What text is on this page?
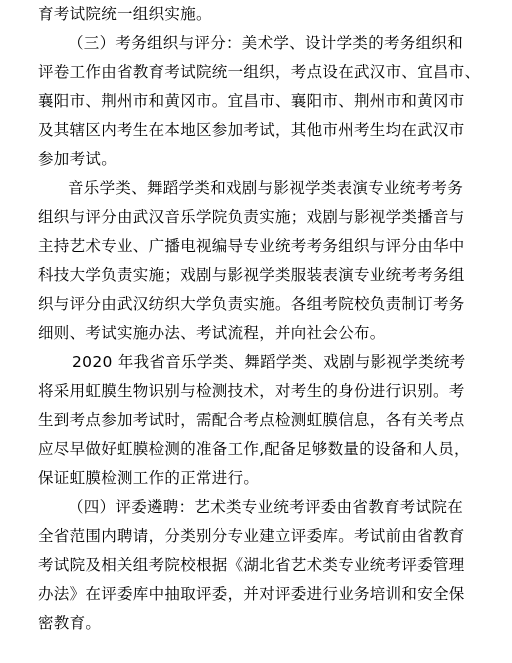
育考试院统一组织实施。
（三）考务组织与评分：美术学、设计学类的考务组织和
评卷工作由省教育考试院统一组织，考点设在武汉市、宜昌市、
襄阳市、荆州市和黄冈市。宜昌市、襄阳市、荆州市和黄冈市
及其辖区内考生在本地区参加考试，其他市州考生均在武汉市
参加考试。
音乐学类、舞蹈学类和戏剧与影视学类表演专业统考考务
组织与评分由武汉音乐学院负责实施；戏剧与影视学类播音与
主持艺术专业、广播电视编导专业统考考务组织与评分由华中
科技大学负责实施；戏剧与影视学类服装表演专业统考考务组
织与评分由武汉纺织大学负责实施。各组考院校负责制订考务
细则、考试实施办法、考试流程，并向社会公布。
2020 年我省音乐学类、舞蹈学类、戏剧与影视学类统考
将采用虹膜生物识别与检测技术，对考生的身份进行识别。考
生到考点参加考试时，需配合考点检测虹膜信息，各有关考点
应尽早做好虹膜检测的准备工作,配备足够数量的设备和人员，
保证虹膜检测工作的正常进行。
（四）评委遴聘：艺术类专业统考评委由省教育考试院在
全省范围内聘请，分类别分专业建立评委库。考试前由省教育
考试院及相关组考院校根据《湖北省艺术类专业统考评委管理
办法》在评委库中抽取评委，并对评委进行业务培训和安全保
密教育。
